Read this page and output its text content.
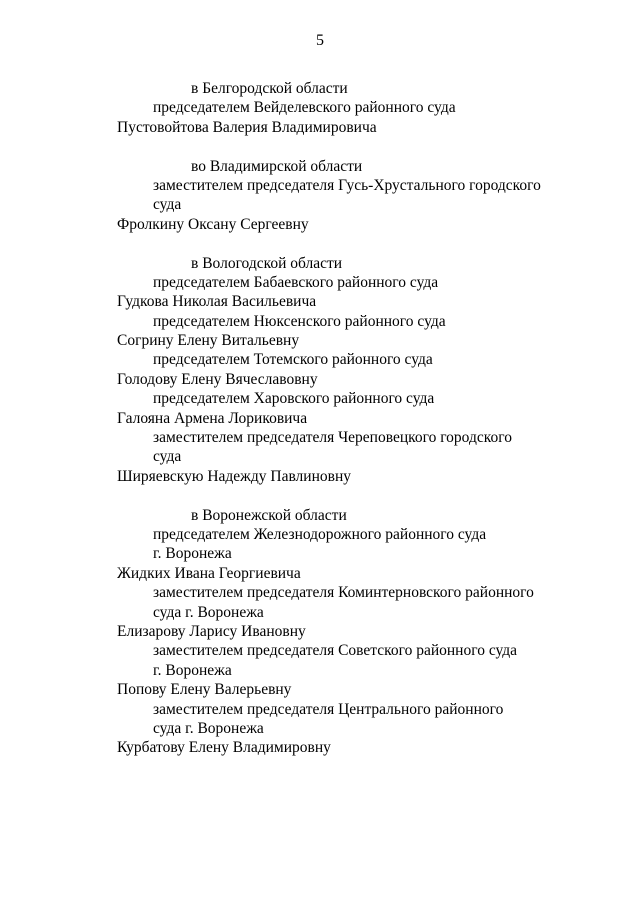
5
в Белгородской области
председателем Вейделевского районного суда
Пустовойтова Валерия Владимировича
во Владимирской области
заместителем председателя Гусь-Хрустального городского
суда
Фролкину Оксану Сергеевну
в Вологодской области
председателем Бабаевского районного суда
Гудкова Николая Васильевича
председателем Нюксенского районного суда
Согрину Елену Витальевну
председателем Тотемского районного суда
Голодову Елену Вячеславовну
председателем Харовского районного суда
Галояна Армена Лориковича
заместителем председателя Череповецкого городского
суда
Ширяевскую Надежду Павлиновну
в Воронежской области
председателем Железнодорожного районного суда
г. Воронежа
Жидких Ивана Георгиевича
заместителем председателя Коминтерновского районного
суда г. Воронежа
Елизарову Ларису Ивановну
заместителем председателя Советского районного суда
г. Воронежа
Попову Елену Валерьевну
заместителем председателя Центрального районного
суда г. Воронежа
Курбатову Елену Владимировну
